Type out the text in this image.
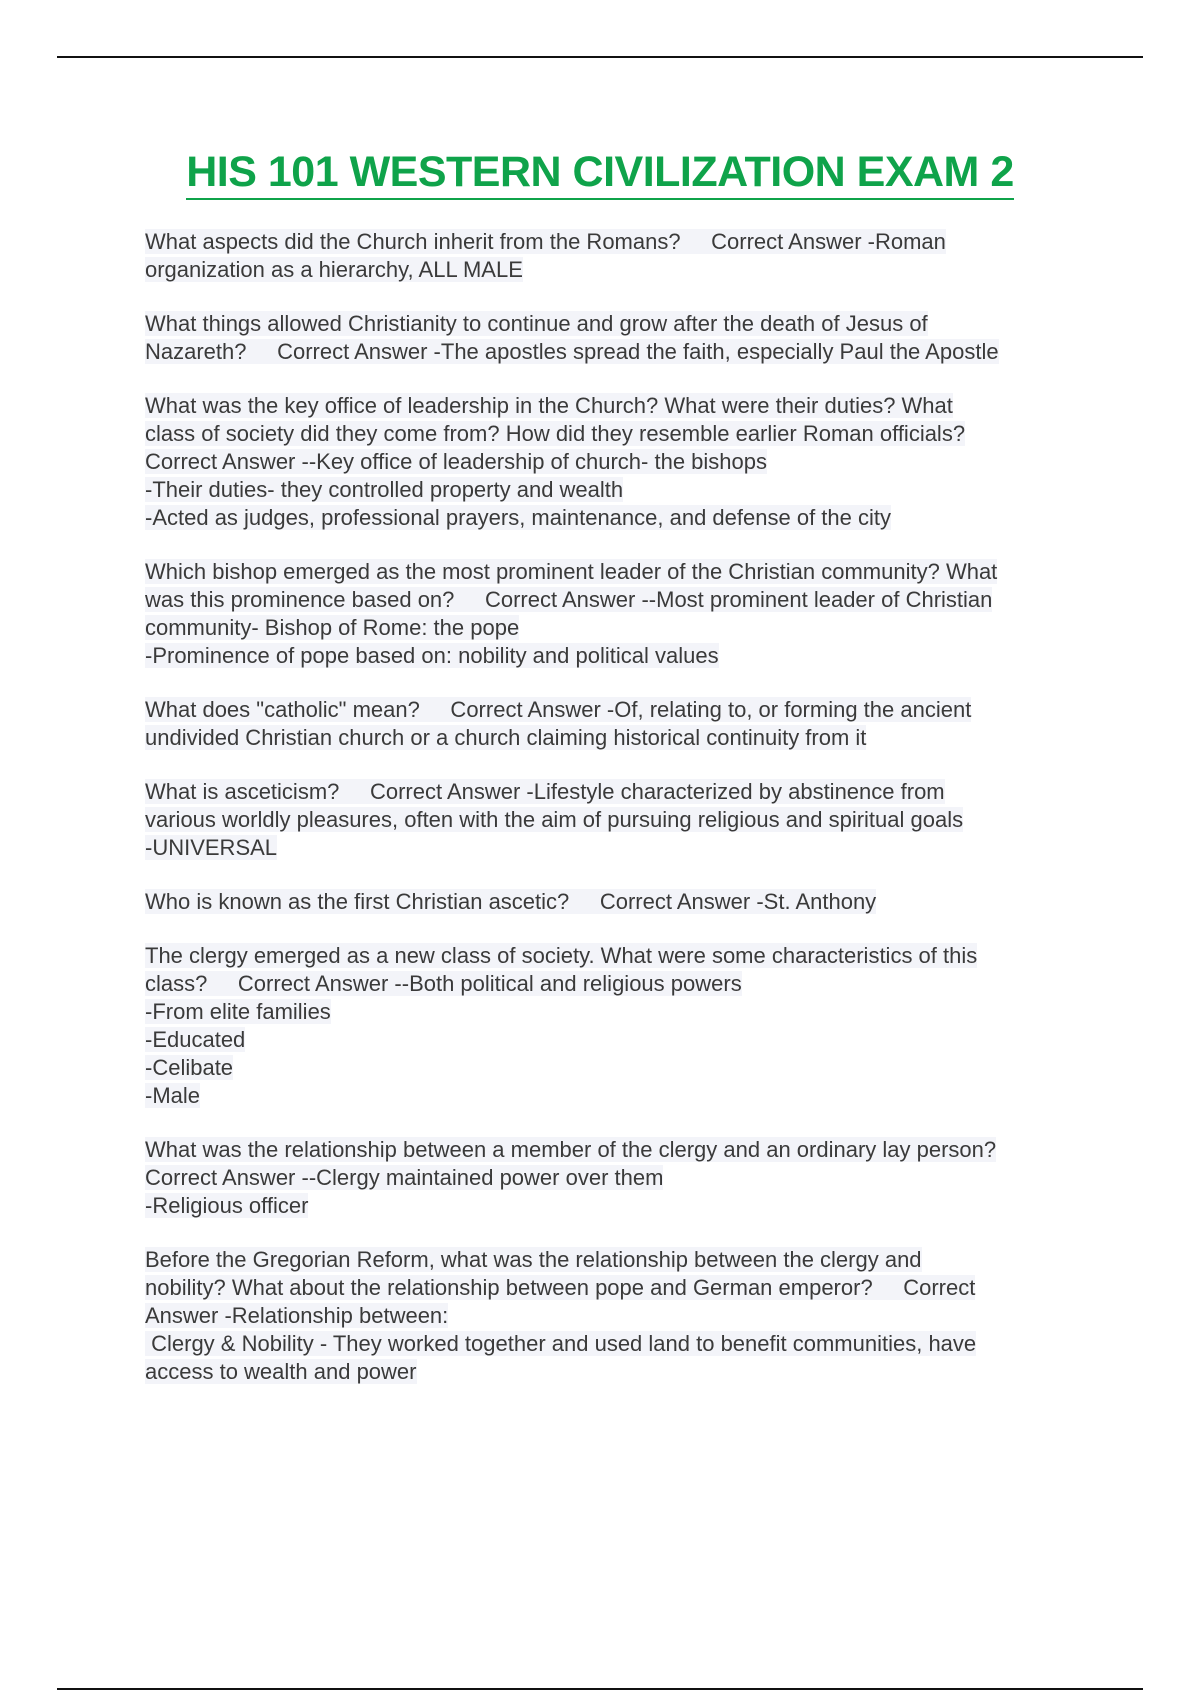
HIS 101 WESTERN CIVILIZATION EXAM 2
What aspects did the Church inherit from the Romans?     Correct Answer -Roman
organization as a hierarchy, ALL MALE
What things allowed Christianity to continue and grow after the death of Jesus of
Nazareth?     Correct Answer -The apostles spread the faith, especially Paul the Apostle
What was the key office of leadership in the Church? What were their duties? What
class of society did they come from? How did they resemble earlier Roman officials?
Correct Answer --Key office of leadership of church- the bishops
-Their duties- they controlled property and wealth
-Acted as judges, professional prayers, maintenance, and defense of the city
Which bishop emerged as the most prominent leader of the Christian community? What
was this prominence based on?     Correct Answer --Most prominent leader of Christian
community- Bishop of Rome: the pope
-Prominence of pope based on: nobility and political values
What does "catholic" mean?     Correct Answer -Of, relating to, or forming the ancient
undivided Christian church or a church claiming historical continuity from it
What is asceticism?     Correct Answer -Lifestyle characterized by abstinence from
various worldly pleasures, often with the aim of pursuing religious and spiritual goals
-UNIVERSAL
Who is known as the first Christian ascetic?     Correct Answer -St. Anthony
The clergy emerged as a new class of society. What were some characteristics of this
class?     Correct Answer --Both political and religious powers
-From elite families
-Educated
-Celibate
-Male
What was the relationship between a member of the clergy and an ordinary lay person?
Correct Answer --Clergy maintained power over them
-Religious officer
Before the Gregorian Reform, what was the relationship between the clergy and
nobility? What about the relationship between pope and German emperor?     Correct
Answer -Relationship between:
Clergy & Nobility - They worked together and used land to benefit communities, have
access to wealth and power
